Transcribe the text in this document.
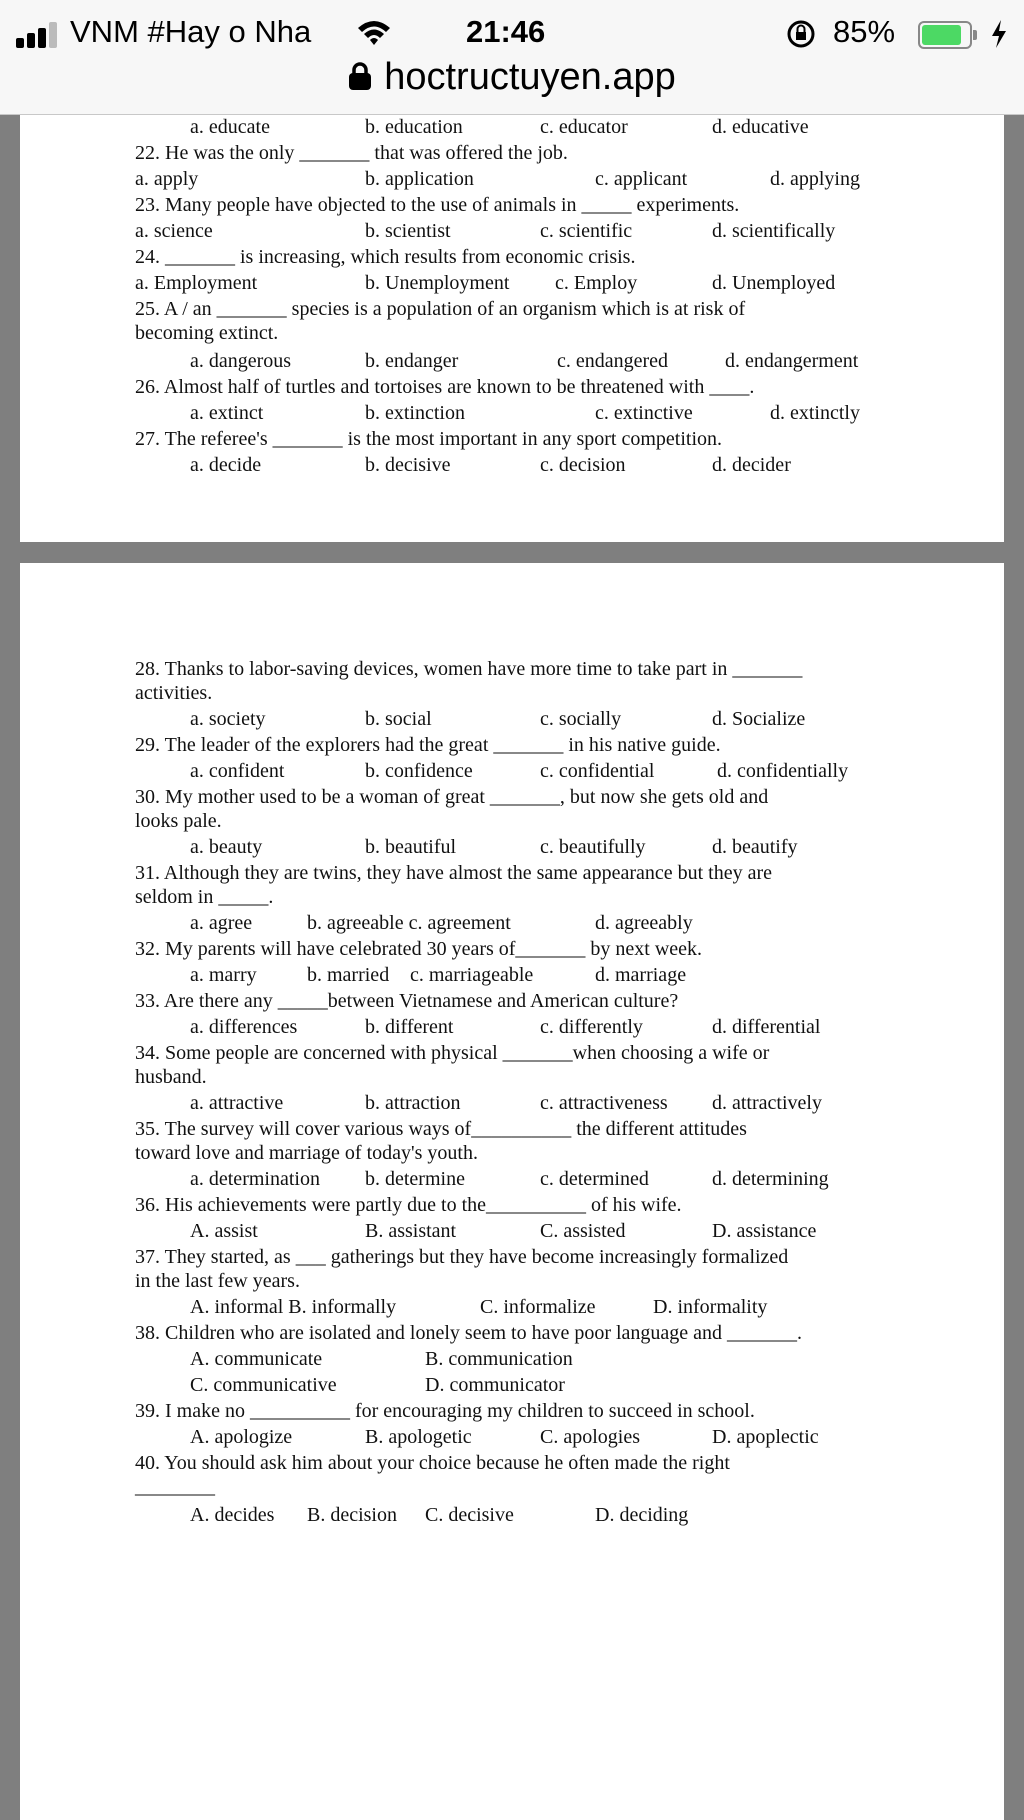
VNM #Hay o Nha	21:46	85%
hoctructuyen.app
a. educate	b. education	c. educator	d. educative
22. He was the only _______ that was offered the job.
a. apply	b. application	c. applicant	d. applying
23. Many people have objected to the use of animals in _____ experiments.
a. science	b. scientist	c. scientific	d. scientifically
24. _______ is increasing, which results from economic crisis.
a. Employment	b. Unemployment c. Employ	d. Unemployed
25. A / an _______ species is a population of an organism which is at risk of
becoming extinct.
a. dangerous	b. endanger	c. endangered	d. endangerment
26. Almost half of turtles and tortoises are known to be threatened with ____.
a. extinct	b. extinction	c. extinctive	d. extinctly
27. The referee's _______ is the most important in any sport competition.
a. decide	b. decisive	c. decision	d. decider
28. Thanks to labor-saving devices, women have more time to take part in _______
activities.
a. society	b. social	c. socially	d. Socialize
29. The leader of the explorers had the great _______ in his native guide.
a. confident	b. confidence	c. confidential	d. confidentially
30. My mother used to be a woman of great _______, but now she gets old and
looks pale.
a. beauty	b. beautiful	c. beautifully	d. beautify
31. Although they are twins, they have almost the same appearance but they are
seldom in _____.
a. agree	b. agreeable c. agreement	d. agreeably
32. My parents will have celebrated 30 years of_______ by next week.
a. marry	b. married c. marriageable	d. marriage
33. Are there any _____between Vietnamese and American culture?
a. differences	b. different	c. differently	d. differential
34. Some people are concerned with physical _______when choosing a wife or
husband.
a. attractive	b. attraction	c. attractiveness d. attractively
35. The survey will cover various ways of__________ the different attitudes
toward love and marriage of today's youth.
a. determination b. determine	c. determined	d. determining
36. His achievements were partly due to the__________ of his wife.
A. assist	B. assistant	C. assisted	D. assistance
37. They started, as ___ gatherings but they have become increasingly formalized
in the last few years.
A. informal B. informally	C. informalize	D. informality
38. Children who are isolated and lonely seem to have poor language and _______.
A. communicate	B. communication
C. communicative	D. communicator
39. I make no __________ for encouraging my children to succeed in school.
A. apologize	B. apologetic	C. apologies	D. apoplectic
40. You should ask him about your choice because he often made the right
________
A. decides B. decision C. decisive	D. deciding
